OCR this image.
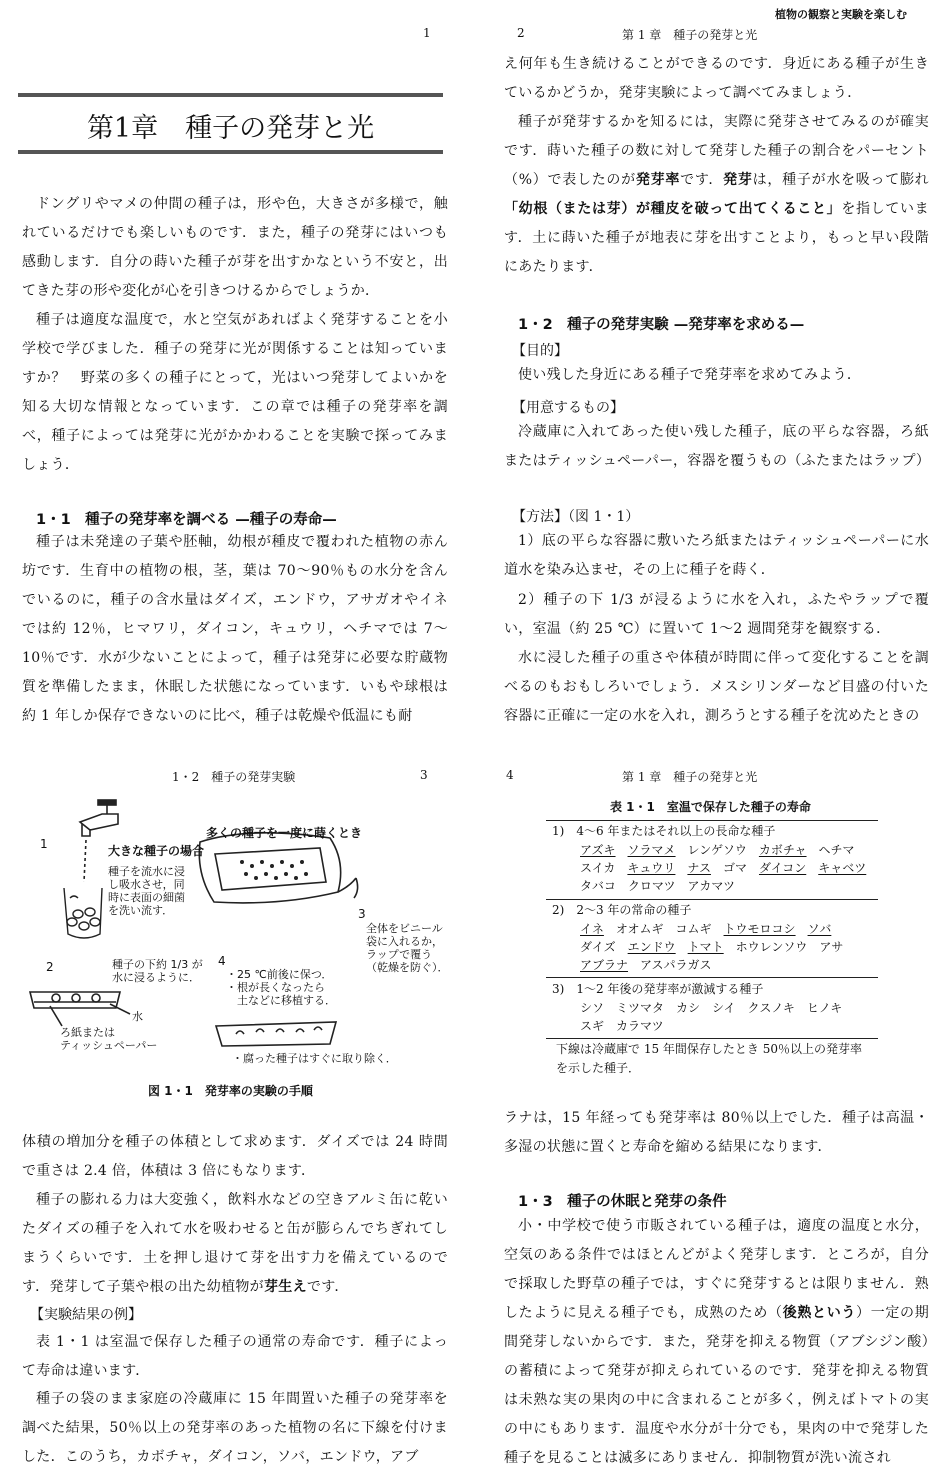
1
第1章　種子の発芽と光

ドングリやマメの仲間の種子は，形や色，大きさが多様で，触れているだけでも楽しいものです．また，種子の発芽にはいつも感動します．自分の蒔いた種子が芽を出すかなという不安と，出てきた芽の形や変化が心を引きつけるからでしょうか．

種子は適度な温度で，水と空気があればよく発芽することを小学校で学びました．種子の発芽に光が関係することは知っていますか？　野菜の多くの種子にとって，光はいつ発芽してよいかを知る大切な情報となっています．この章では種子の発芽率を調べ，種子によっては発芽に光がかかわることを実験で探ってみましょう．

1・1　種子の発芽率を調べる —種子の寿命—

種子は未発達の子葉や胚軸，幼根が種皮で覆われた植物の赤ん坊です．生育中の植物の根，茎，葉は 70〜90％もの水分を含んでいるのに，種子の含水量はダイズ，エンドウ，アサガオやイネでは約 12％，ヒマワリ，ダイコン，キュウリ，ヘチマでは 7〜10％です．水が少ないことによって，種子は発芽に必要な貯蔵物質を準備したまま，休眠した状態になっています．いもや球根は約 1 年しか保存できないのに比べ，種子は乾燥や低温にも耐

植物の観察と実験を楽しむ
2	第 1 章　種子の発芽と光

え何年も生き続けることができるのです．身近にある種子が生きているかどうか，発芽実験によって調べてみましょう．

種子が発芽するかを知るには，実際に発芽させてみるのが確実です．蒔いた種子の数に対して発芽した種子の割合をパーセント（%）で表したのが発芽率です．発芽は，種子が水を吸って膨れ「幼根（または芽）が種皮を破って出てくること」を指しています．土に蒔いた種子が地表に芽を出すことより，もっと早い段階にあたります．

1・2　種子の発芽実験 —発芽率を求める—
【目的】

使い残した身近にある種子で発芽率を求めてみよう．

【用意するもの】

冷蔵庫に入れてあった使い残した種子，底の平らな容器，ろ紙またはティッシュペーパー，容器を覆うもの（ふたまたはラップ）

【方法】（図 1・1）

1）底の平らな容器に敷いたろ紙またはティッシュペーパーに水道水を染み込ませ，その上に種子を蒔く．

2）種子の下 1/3 が浸るように水を入れ，ふたやラップで覆い，室温（約 25 ℃）に置いて 1〜2 週間発芽を観察する．

水に浸した種子の重さや体積が時間に伴って変化することを調べるのもおもしろいでしょう．メスシリンダーなど目盛の付いた容器に正確に一定の水を入れ，測ろうとする種子を沈めたときの

1・2　種子の発芽実験	3
1	大きな種子の場合
種子を流水に浸
し吸水させ，同
時に表面の細菌
を洗い流す．
多くの種子を一度に蒔くとき
3
全体をビニール
袋に入れるか，
ラップで覆う
（乾燥を防ぐ）．
2	種子の下約 1/3 が
水に浸るように．
4
・25 ℃前後に保つ．
・根が長くなったら
　土などに移植する．
水
ろ紙または
ティッシュペーパー
・腐った種子はすぐに取り除く．
図 1・1　発芽率の実験の手順

体積の増加分を種子の体積として求めます．ダイズでは 24 時間で重さは 2.4 倍，体積は 3 倍にもなります．

種子の膨れる力は大変強く，飲料水などの空きアルミ缶に乾いたダイズの種子を入れて水を吸わせると缶が膨らんでちぎれてしまうくらいです．土を押し退けて芽を出す力を備えているのです．発芽して子葉や根の出た幼植物が芽生えです．

【実験結果の例】

表 1・1 は室温で保存した種子の通常の寿命です．種子によって寿命は違います．

種子の袋のまま家庭の冷蔵庫に 15 年間置いた種子の発芽率を調べた結果，50％以上の発芽率のあった植物の名に下線を付けました．このうち，カボチャ，ダイコン，ソバ，エンドウ，アブ

4	第 1 章　種子の発芽と光
表 1・1　室温で保存した種子の寿命
1)　4〜6 年またはそれ以上の長命な種子
アズキ ソラマメ レンゲソウ カボチャ ヘチマ
スイカ キュウリ ナス ゴマ ダイコン キャベツ
タバコ クロマツ アカマツ
2)　2〜3 年の常命の種子
イネ オオムギ コムギ トウモロコシ ソバ
ダイズ エンドウ トマト ホウレンソウ アサ
アブラナ アスパラガス
3)　1〜2 年後の発芽率が激減する種子
シソ ミツマタ カシ シイ クスノキ ヒノキ
スギ カラマツ
下線は冷蔵庫で 15 年間保存したとき 50％以上の発芽率を示した種子．

ラナは，15 年経っても発芽率は 80％以上でした．種子は高温・多湿の状態に置くと寿命を縮める結果になります．

1・3　種子の休眠と発芽の条件

小・中学校で使う市販されている種子は，適度の温度と水分，空気のある条件ではほとんどがよく発芽します．ところが，自分で採取した野草の種子では，すぐに発芽するとは限りません．熟したように見える種子でも，成熟のため（後熟という）一定の期間発芽しないからです．また，発芽を抑える物質（アブシジン酸）の蓄積によって発芽が抑えられているのです．発芽を抑える物質は未熟な実の果肉の中に含まれることが多く，例えばトマトの実の中にもあります．温度や水分が十分でも，果肉の中で発芽した種子を見ることは滅多にありません．抑制物質が洗い流され
